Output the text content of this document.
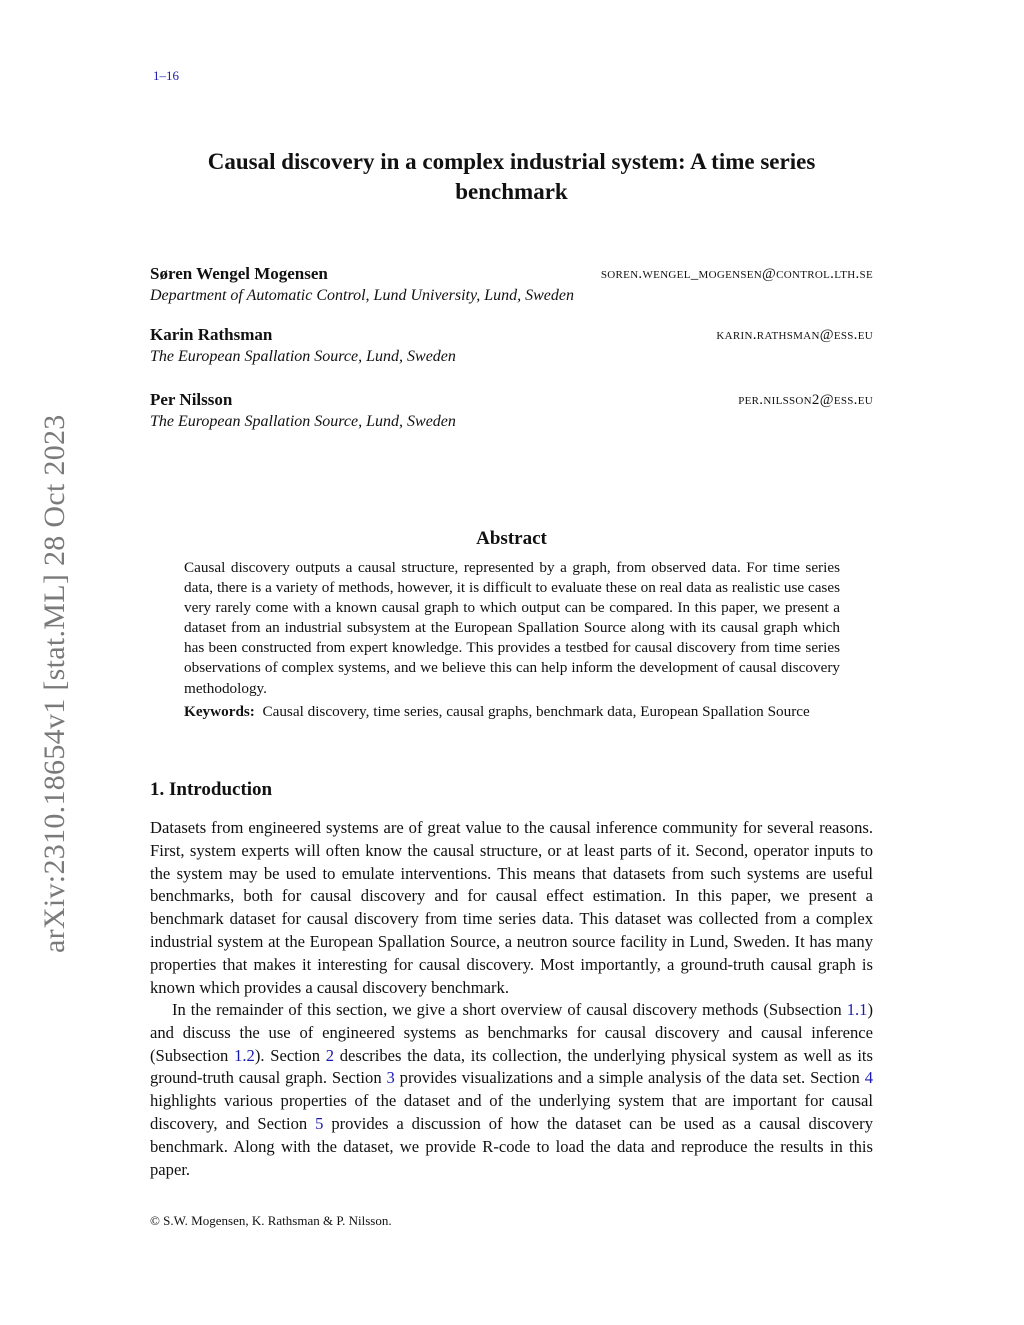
1–16
arXiv:2310.18654v1 [stat.ML] 28 Oct 2023
Causal discovery in a complex industrial system: A time series
benchmark
Søren Wengel Mogensen	soren.wengel_mogensen@control.lth.se
Department of Automatic Control, Lund University, Lund, Sweden
Karin Rathsman	karin.rathsman@ess.eu
The European Spallation Source, Lund, Sweden
Per Nilsson	per.nilsson2@ess.eu
The European Spallation Source, Lund, Sweden
Abstract

Causal discovery outputs a causal structure, represented by a graph, from observed data. For time series data, there is a variety of methods, however, it is difficult to evaluate these on real data as realistic use cases very rarely come with a known causal graph to which output can be compared. In this paper, we present a dataset from an industrial subsystem at the European Spallation Source along with its causal graph which has been constructed from expert knowledge. This provides a testbed for causal discovery from time series observations of complex systems, and we believe this can help inform the development of causal discovery methodology.

Keywords: Causal discovery, time series, causal graphs, benchmark data, European Spallation Source

1. Introduction

Datasets from engineered systems are of great value to the causal inference community for several reasons. First, system experts will often know the causal structure, or at least parts of it. Second, operator inputs to the system may be used to emulate interventions. This means that datasets from such systems are useful benchmarks, both for causal discovery and for causal effect estimation. In this paper, we present a benchmark dataset for causal discovery from time series data. This dataset was collected from a complex industrial system at the European Spallation Source, a neutron source facility in Lund, Sweden. It has many properties that makes it interesting for causal discovery. Most importantly, a ground-truth causal graph is known which provides a causal discovery benchmark.

In the remainder of this section, we give a short overview of causal discovery methods (Subsection 1.1) and discuss the use of engineered systems as benchmarks for causal discovery and causal inference (Subsection 1.2). Section 2 describes the data, its collection, the underlying physical system as well as its ground-truth causal graph. Section 3 provides visualizations and a simple analysis of the data set. Section 4 highlights various properties of the dataset and of the underlying system that are important for causal discovery, and Section 5 provides a discussion of how the dataset can be used as a causal discovery benchmark. Along with the dataset, we provide R-code to load the data and reproduce the results in this paper.

© S.W. Mogensen, K. Rathsman & P. Nilsson.
